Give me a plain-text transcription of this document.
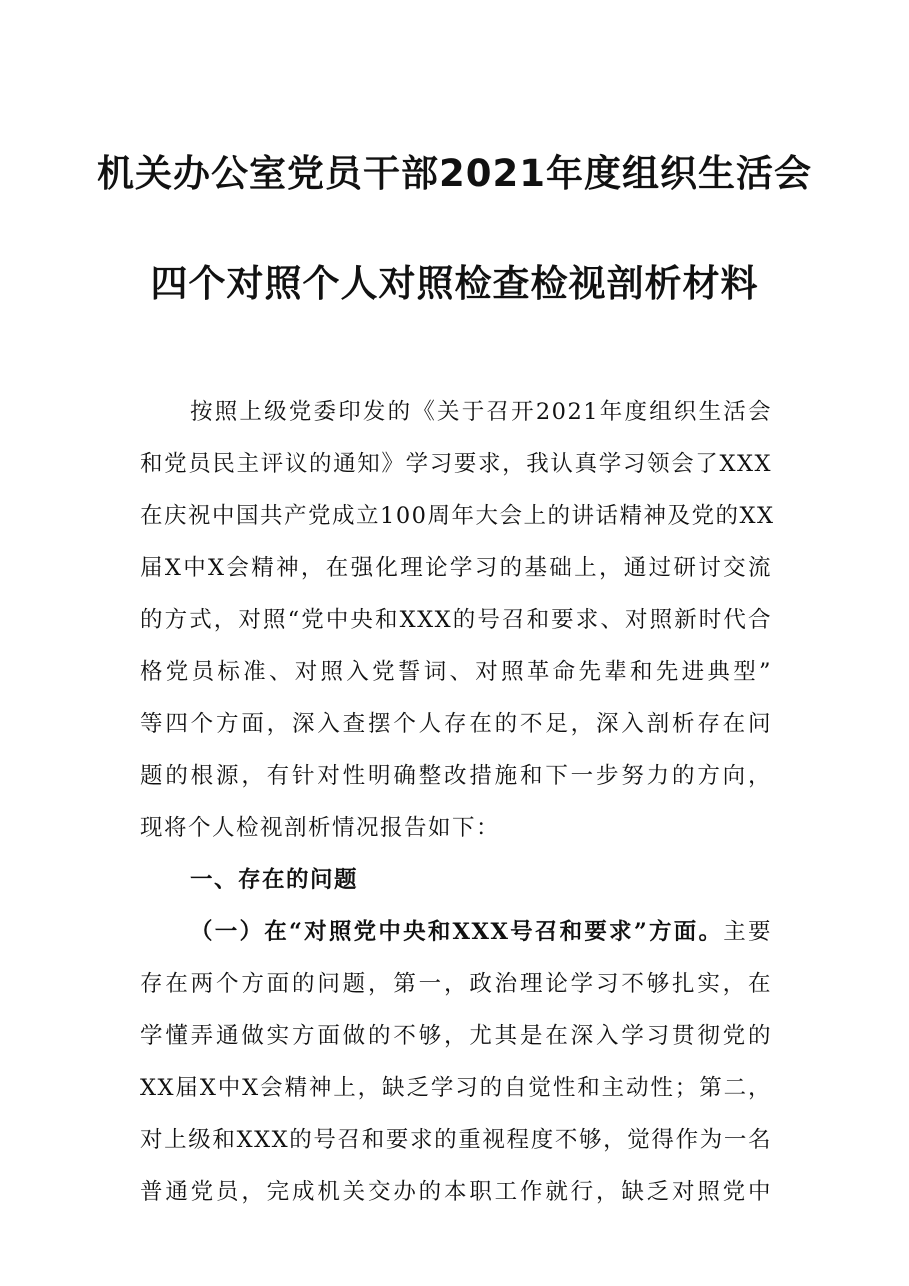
机关办公室党员干部2021年度组织生活会
四个对照个人对照检查检视剖析材料
按照上级党委印发的《关于召开2021年度组织生活会
和党员民主评议的通知》学习要求，我认真学习领会了XXX
在庆祝中国共产党成立100周年大会上的讲话精神及党的XX
届X中X会精神，在强化理论学习的基础上，通过研讨交流
的方式，对照“党中央和XXX的号召和要求、对照新时代合
格党员标准、对照入党誓词、对照革命先辈和先进典型”
等四个方面，深入查摆个人存在的不足，深入剖析存在问
题的根源，有针对性明确整改措施和下一步努力的方向，
现将个人检视剖析情况报告如下：
一、存在的问题
（一）在“对照党中央和XXX号召和要求”方面。主要
存在两个方面的问题，第一，政治理论学习不够扎实，在
学懂弄通做实方面做的不够，尤其是在深入学习贯彻党的
XX届X中X会精神上，缺乏学习的自觉性和主动性；第二，
对上级和XXX的号召和要求的重视程度不够，觉得作为一名
普通党员，完成机关交办的本职工作就行，缺乏对照党中
